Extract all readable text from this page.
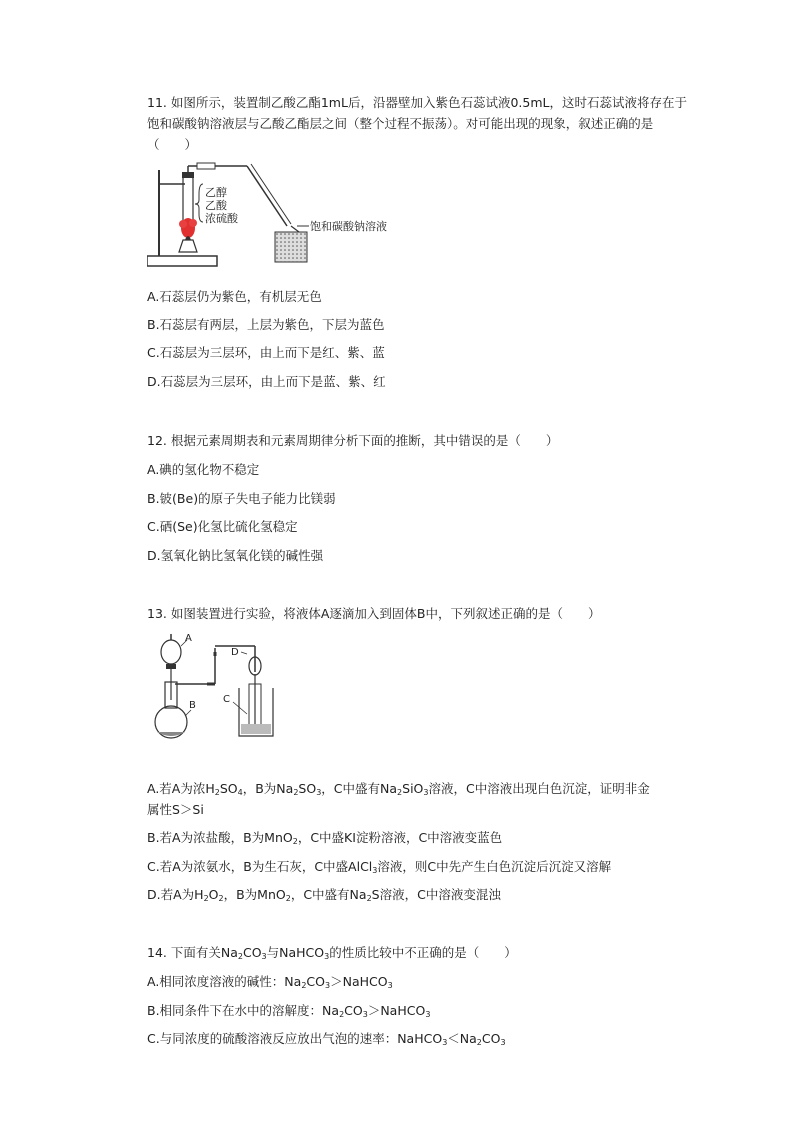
11. 如图所示，装置制乙酸乙酯1mL后，沿器壁加入紫色石蕊试液0.5mL，这时石蕊试液将存在于饱和碳酸钠溶液层与乙酸乙酯层之间（整个过程不振荡）。对可能出现的现象，叙述正确的是（　　）
乙醇
乙酸
浓硫酸
饱和碳酸钠溶液
A.石蕊层仍为紫色，有机层无色
B.石蕊层有两层，上层为紫色，下层为蓝色
C.石蕊层为三层环，由上而下是红、紫、蓝
D.石蕊层为三层环，由上而下是蓝、紫、红
12. 根据元素周期表和元素周期律分析下面的推断，其中错误的是（　　）
A.碘的氢化物不稳定
B.铍(Be)的原子失电子能力比镁弱
C.硒(Se)化氢比硫化氢稳定
D.氢氧化钠比氢氧化镁的碱性强
13. 如图装置进行实验，将液体A逐滴加入到固体B中，下列叙述正确的是（　　）
A
B
D
C
A.若A为浓$H_2SO_4$，B为$Na_2SO_3$，C中盛有$Na_2SiO_3$溶液，C中溶液出现白色沉淀，证明非金
属性S＞Si
B.若A为浓盐酸，B为MnO$_2$，C中盛KI淀粉溶液，C中溶液变蓝色
C.若A为浓氨水，B为生石灰，C中盛AlCl$_3$溶液，则C中先产生白色沉淀后沉淀又溶解
D.若A为$H_2O_2$，B为MnO$_2$，C中盛有$Na_2S$溶液，C中溶液变混浊
14. 下面有关$Na_2CO_3$与NaHCO$_3$的性质比较中不正确的是（　　）
A.相同浓度溶液的碱性：$Na_2CO_3>NaHCO_3$
B.相同条件下在水中的溶解度：$Na_2CO_3>NaHCO_3$
C.与同浓度的硫酸溶液反应放出气泡的速率：$NaHCO_3<Na_2CO_3$
